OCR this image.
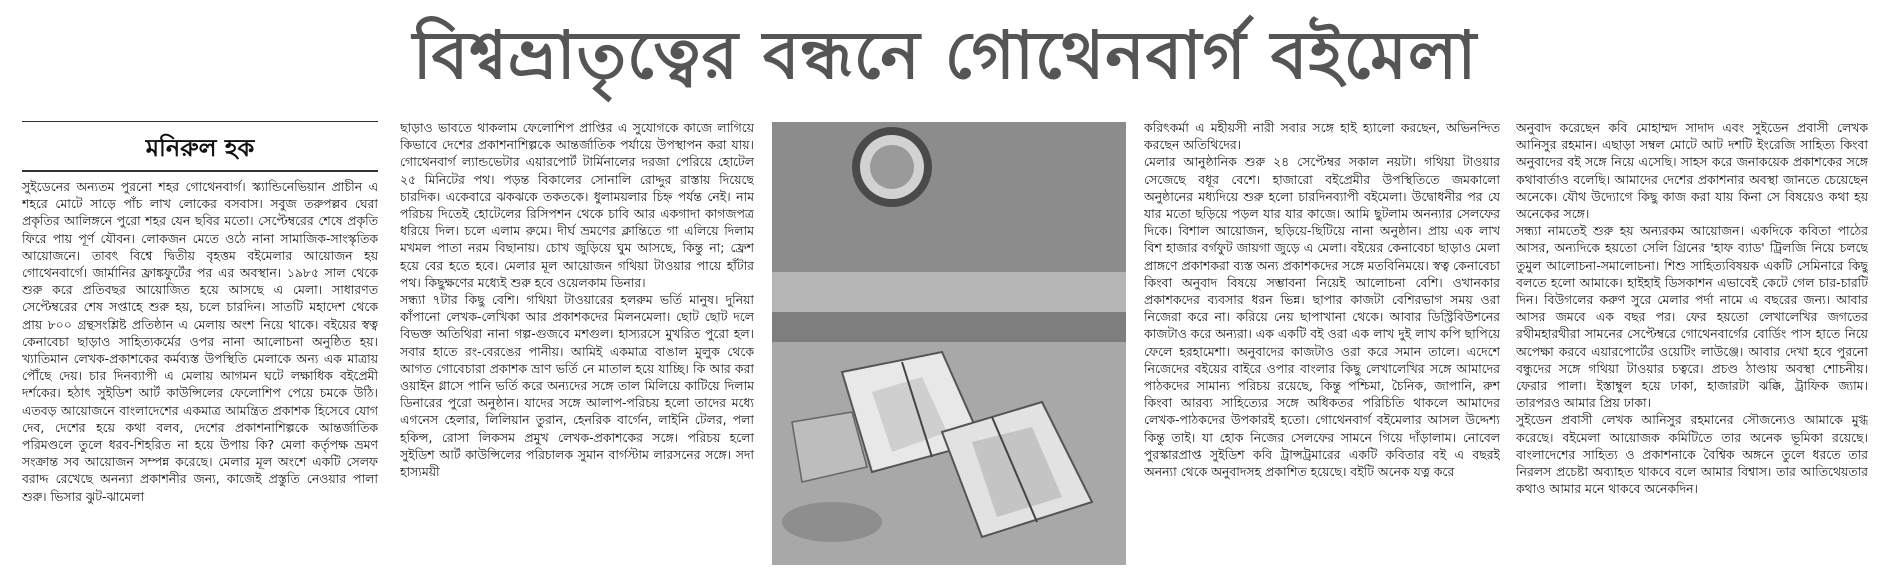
বিশ্বভ্রাতৃত্বের বন্ধনে গোথেনবার্গ বইমেলা
মনিরুল হক

সুইডেনের অন্যতম পুরনো শহর গোথেনবার্গ। স্ক্যান্ডিনেভিয়ান প্রাচীন এ শহরে মোটে সাড়ে পাঁচ লাখ লোকের বসবাস। সবুজ তরুপল্লব ঘেরা প্রকৃতির আলিঙ্গনে পুরো শহর যেন ছবির মতো। সেপ্টেম্বরের শেষে প্রকৃতি ফিরে পায় পূর্ণ যৌবন। লোকজন মেতে ওঠে নানা সামাজিক-সাংস্কৃতিক আয়োজনে। তাবৎ বিশ্বে দ্বিতীয় বৃহত্তম বইমেলার আয়োজন হয় গোথেনবার্গে। জার্মানির ফ্রাঙ্কফুর্টের পর এর অবস্থান। ১৯৮৫ সাল থেকে শুরু করে প্রতিবছর আয়োজিত হয়ে আসছে এ মেলা। সাধারণত সেপ্টেম্বরের শেষ সপ্তাহে শুরু হয়, চলে চারদিন। সাতটি মহাদেশ থেকে প্রায় ৮০০ গ্রন্থসংশ্লিষ্ট প্রতিষ্ঠান এ মেলায় অংশ নিয়ে থাকে। বইয়ের স্বত্ব কেনাবেচা ছাড়াও সাহিত্যকর্মের ওপর নানা আলোচনা অনুষ্ঠিত হয়। খ্যাতিমান লেখক-প্রকাশকের কর্মব্যস্ত উপস্থিতি মেলাকে অন্য এক মাত্রায় পৌঁছে দেয়। চার দিনব্যাপী এ মেলায় আগমন ঘটে লক্ষাধিক বইপ্রেমী দর্শকের। হঠাৎ সুইডিশ আর্ট কাউন্সিলের ফেলোশিপ পেয়ে চমকে উঠি। এতবড় আয়োজনে বাংলাদেশের একমাত্র আমন্ত্রিত প্রকাশক হিসেবে যোগ দেব, দেশের হয়ে কথা বলব, দেশের প্রকাশনাশিল্পকে আন্তর্জাতিক পরিমণ্ডলে তুলে ধরব-শিহরিত না হয়ে উপায় কি? মেলা কর্তৃপক্ষ ভ্রমণ সংক্রান্ত সব আয়োজন সম্পন্ন করেছে। মেলার মূল অংশে একটি সেলফ বরাদ্দ রেখেছে অনন্যা প্রকাশনীর জন্য, কাজেই প্রস্তুতি নেওয়ার পালা শুরু। ভিসার ঝুট-ঝামেলা

ছাড়াও ভাবতে থাকলাম ফেলোশিপ প্রাপ্তির এ সুযোগকে কাজে লাগিয়ে কিভাবে দেশের প্রকাশনাশিল্পকে আন্তর্জাতিক পর্যায়ে উপস্থাপন করা যায়। গোথেনবার্গ ল্যান্ডভেটার এয়ারপোর্ট টার্মিনালের দরজা পেরিয়ে হোটেল ২৫ মিনিটের পথ। পড়ন্ত বিকালের সোনালি রোদ্দুর রাস্তায় দিয়েছে চারদিক। একেবারে ঝকঝকে তকতকে। ধুলাময়লার চিহ্ন পর্যন্ত নেই। নাম পরিচয় দিতেই হোটেলের রিসিপশন থেকে চাবি আর একগাদা কাগজপত্র ধরিয়ে দিল। চলে এলাম রুমে। দীর্ঘ ভ্রমণের ক্লান্তিতে গা এলিয়ে দিলাম মখমল পাতা নরম বিছানায়। চোখ জুড়িয়ে ঘুম আসছে, কিন্তু না; ফ্রেশ হয়ে বের হতে হবে। মেলার মূল আয়োজন গথিয়া টাওয়ার পায়ে হাঁটার পথ। কিছুক্ষণের মধ্যেই শুরু হবে ওয়েলকাম ডিনার।

সন্ধ্যা ৭টার কিছু বেশি। গথিয়া টাওয়ারের হলরুম ভর্তি মানুষ। দুনিয়া কাঁপানো লেখক-লেখিকা আর প্রকাশকদের মিলনমেলা। ছোট ছোট দলে বিভক্ত অতিথিরা নানা গল্প-গুজবে মশগুল। হাস্যরসে মুখরিত পুরো হল। সবার হাতে রং-বেরঙের পানীয়। আমিই একমাত্র বাঙাল মুলুক থেকে আগত গোবেচারা প্রকাশক ভ্রাণ ভর্তি নে মাতাল হয়ে যাচ্ছি। কি আর করা ওয়াইন গ্লাসে পানি ভর্তি করে অন্যদের সঙ্গে তাল মিলিয়ে কাটিয়ে দিলাম ডিনারের পুরো অনুষ্ঠান। যাদের সঙ্গে আলাপ-পরিচয় হলো তাদের মধ্যে এগনেস হেলার, লিলিয়ান তুরান, হেনরিক বার্গেন, লাইনি টেলর, পলা হকিন্স, রোসা লিকসম প্রমুখ লেখক-প্রকাশকের সঙ্গে। পরিচয় হলো সুইডিশ আর্ট কাউন্সিলের পরিচালক সুমান বার্গস্টাম লারসনের সঙ্গে। সদা হাস্যময়ী

করিৎকর্মা এ মহীয়সী নারী সবার সঙ্গে হাই হ্যালো করছেন, অভিনন্দিত করছেন অতিথিদের।

মেলার আনুষ্ঠানিক শুরু ২৪ সেপ্টেম্বর সকাল নয়টা। গথিয়া টাওয়ার সেজেছে বধূর বেশে। হাজারো বইপ্রেমীর উপস্থিতিতে জমকালো অনুষ্ঠানের মধ্যদিয়ে শুরু হলো চারদিনব্যাপী বইমেলা। উদ্বোধনীর পর যে যার মতো ছড়িয়ে পড়ল যার যার কাজে। আমি ছুটলাম অনন্যার সেলফের দিকে। বিশাল আয়োজন, ছড়িয়ে-ছিটিয়ে নানা অনুষ্ঠান। প্রায় এক লাখ বিশ হাজার বর্গফুট জায়গা জুড়ে এ মেলা। বইয়ের কেনাবেচা ছাড়াও মেলা প্রাঙ্গণে প্রকাশকরা ব্যস্ত অন্য প্রকাশকদের সঙ্গে মতবিনিময়ে। স্বত্ব কেনাবেচা কিংবা অনুবাদ বিষয়ে সম্ভাবনা নিয়েই আলোচনা বেশি। ওখানকার প্রকাশকদের ব্যবসার ধরন ভিন্ন। ছাপার কাজটা বেশিরভাগ সময় ওরা নিজেরা করে না। করিয়ে নেয় ছাপাখানা থেকে। আবার ডিস্ট্রিবিউশনের কাজটাও করে অন্যরা। এক একটি বই ওরা এক লাখ দুই লাখ কপি ছাপিয়ে ফেলে হরহামেশা। অনুবাদের কাজটাও ওরা করে সমান তালে। এদেশে নিজেদের বইয়ের বাইরে ওপার বাংলার কিছু লেখালেখির সঙ্গে আমাদের পাঠকদের সামান্য পরিচয় রয়েছে, কিন্তু পশ্চিমা, চৈনিক, জাপানি, রুশ কিংবা আরব্য সাহিত্যের সঙ্গে অধিকতর পরিচিতি থাকলে আমাদের লেখক-পাঠকদের উপকারই হতো। গোথেনবার্গ বইমেলার আসল উদ্দেশ্য কিন্তু তাই। যা হোক নিজের সেলফের সামনে গিয়ে দাঁড়ালাম। নোবেল পুরস্কারপ্রাপ্ত সুইডিশ কবি ট্রান্সট্রমারের একটি কবিতার বই এ বছরই অনন্যা থেকে অনুবাদসহ প্রকাশিত হয়েছে। বইটি অনেক যত্ন করে

অনুবাদ করেছেন কবি মোহাম্মদ সাদাদ এবং সুইডেন প্রবাসী লেখক আনিসুর রহমান। এছাড়া সম্বল মোটে আট দশটি ইংরেজি সাহিত্য কিংবা অনুবাদের বই সঙ্গে নিয়ে এসেছি। সাহস করে জনাকয়েক প্রকাশকের সঙ্গে কথাবার্তাও বলেছি। আমাদের দেশের প্রকাশনার অবস্থা জানতে চেয়েছেন অনেকে। যৌথ উদ্যোগে কিছু কাজ করা যায় কিনা সে বিষয়েও কথা হয় অনেকের সঙ্গে।

সন্ধ্যা নামতেই শুরু হয় অন্যরকম আয়োজন। একদিকে কবিতা পাঠের আসর, অন্যদিকে হয়তো সেলি গ্রিনের 'হাফ ব্যাড' ট্রিলজি নিয়ে চলছে তুমুল আলোচনা-সমালোচনা। শিশু সাহিত্যবিষয়ক একটি সেমিনারে কিছু বলতে হলো আমাকে। হাইহাই ডিসকাশন এভাবেই কেটে গেল চার-চারটি দিন। বিউগলের করুণ সুরে মেলার পর্দা নামে এ বছরের জন্য। আবার আসর জমবে এক বছর পর। ফের হয়তো লেখালেখির জগতের রথীমহারথীরা সামনের সেপ্টেম্বরে গোথেনবার্গের বোর্ডিং পাস হাতে নিয়ে অপেক্ষা করবে এয়ারপোর্টের ওয়েটিং লাউঞ্জে। আবার দেখা হবে পুরনো বন্ধুদের সঙ্গে গথিয়া টাওয়ার চত্বরে। প্রচণ্ড ঠাণ্ডায় অবস্থা শোচনীয়। ফেরার পালা। ইস্তাম্বুল হয়ে ঢাকা, হাজারটা ঝক্কি, ট্রাফিক জ্যাম। তারপরও আমার প্রিয় ঢাকা।

সুইডেন প্রবাসী লেখক আনিসুর রহমানের সৌজন্যেও আমাকে মুগ্ধ করেছে। বইমেলা আয়োজক কমিটিতে তার অনেক ভূমিকা রয়েছে। বাংলাদেশের সাহিত্য ও প্রকাশনাকে বৈশ্বিক অঙ্গনে তুলে ধরতে তার নিরলস প্রচেষ্টা অব্যাহত থাকবে বলে আমার বিশ্বাস। তার আতিথেয়তার কথাও আমার মনে থাকবে অনেকদিন।
